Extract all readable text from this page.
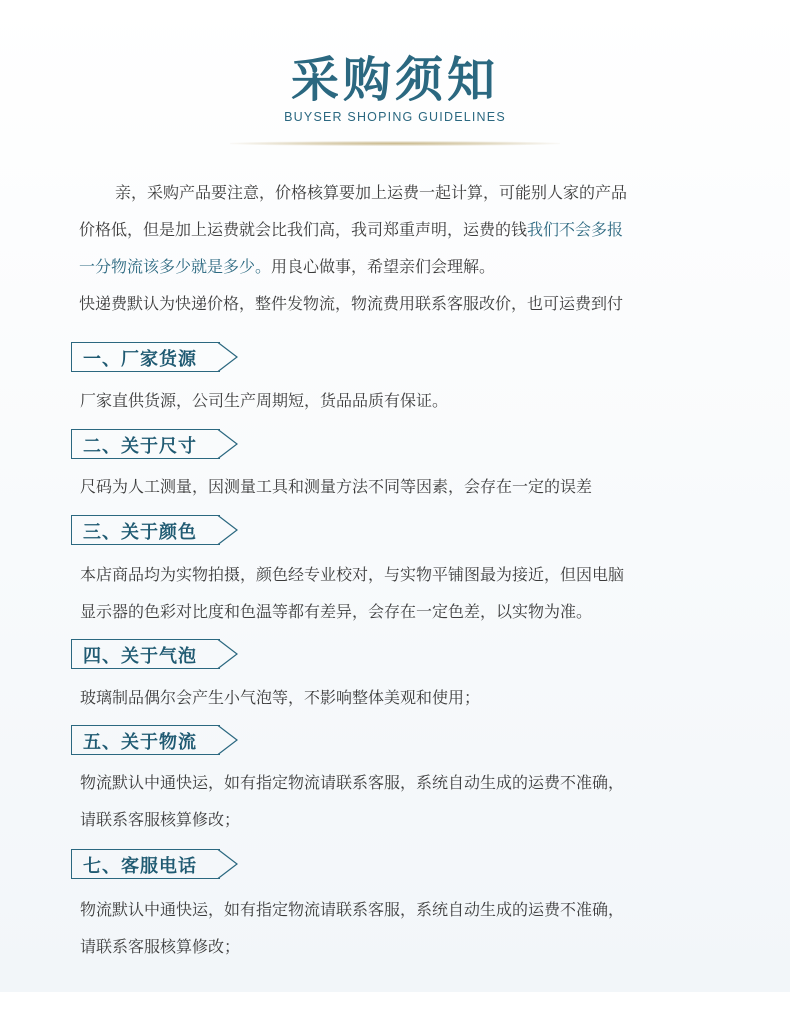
采购须知
BUYSER SHOPING GUIDELINES

亲，采购产品要注意，价格核算要加上运费一起计算，可能别人家的产品

价格低，但是加上运费就会比我们高，我司郑重声明，运费的钱我们不会多报

一分物流该多少就是多少。用良心做事，希望亲们会理解。

快递费默认为快递价格，整件发物流，物流费用联系客服改价，也可运费到付

一、厂家货源

厂家直供货源，公司生产周期短，货品品质有保证。

二、关于尺寸

尺码为人工测量，因测量工具和测量方法不同等因素，会存在一定的误差

三、关于颜色

本店商品均为实物拍摄，颜色经专业校对，与实物平铺图最为接近，但因电脑

显示器的色彩对比度和色温等都有差异，会存在一定色差，以实物为准。

四、关于气泡

玻璃制品偶尔会产生小气泡等，不影响整体美观和使用；

五、关于物流

物流默认中通快运，如有指定物流请联系客服，系统自动生成的运费不准确，

请联系客服核算修改；

七、客服电话

物流默认中通快运，如有指定物流请联系客服，系统自动生成的运费不准确，

请联系客服核算修改；
